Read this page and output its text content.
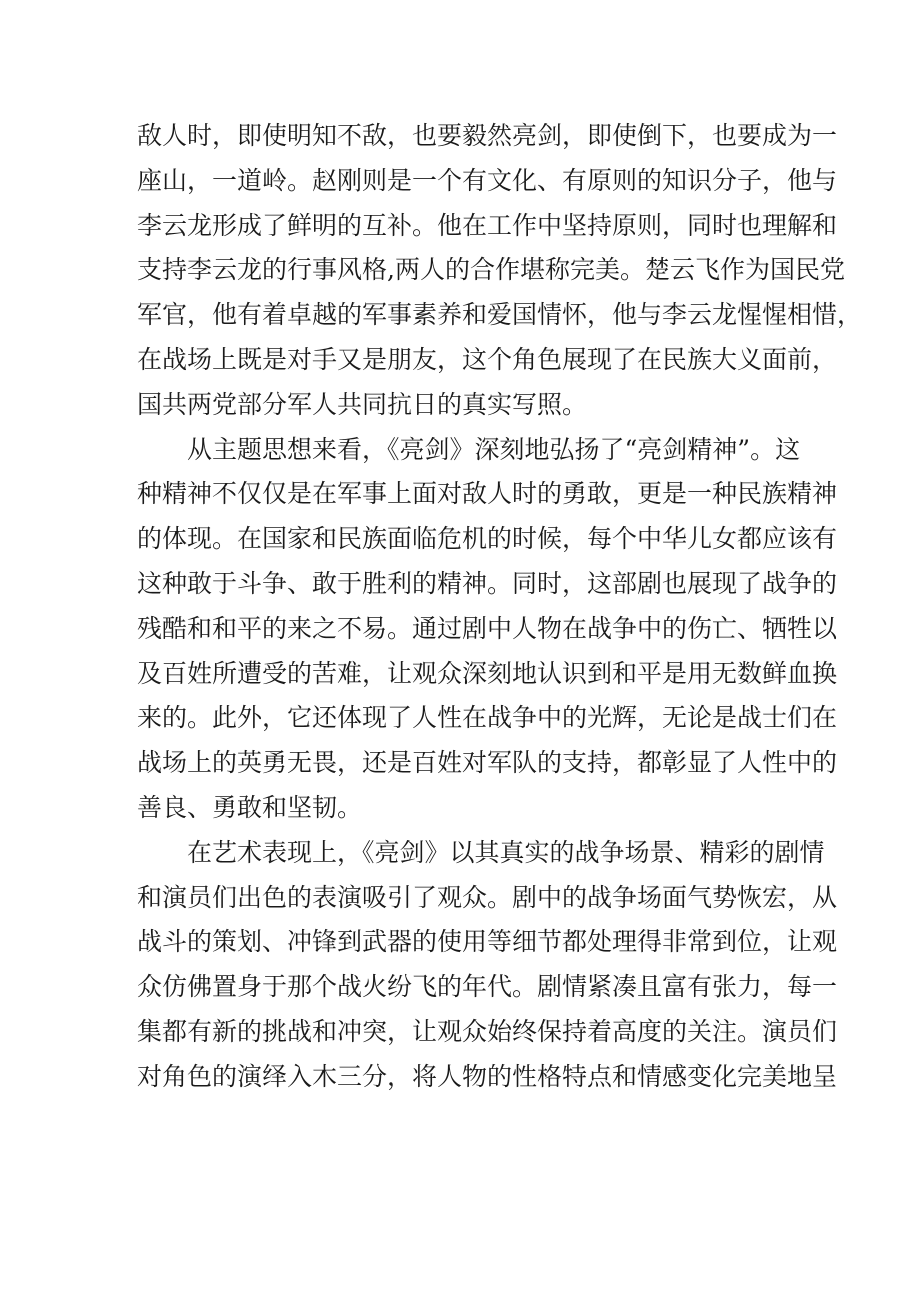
敌人时，即使明知不敌，也要毅然亮剑，即使倒下，也要成为一
座山，一道岭。赵刚则是一个有文化、有原则的知识分子，他与
李云龙形成了鲜明的互补。他在工作中坚持原则，同时也理解和
支持李云龙的行事风格,两人的合作堪称完美。楚云飞作为国民党
军官，他有着卓越的军事素养和爱国情怀，他与李云龙惺惺相惜，
在战场上既是对手又是朋友，这个角色展现了在民族大义面前，
国共两党部分军人共同抗日的真实写照。
从主题思想来看，《亮剑》深刻地弘扬了“亮剑精神”。这
种精神不仅仅是在军事上面对敌人时的勇敢，更是一种民族精神
的体现。在国家和民族面临危机的时候，每个中华儿女都应该有
这种敢于斗争、敢于胜利的精神。同时，这部剧也展现了战争的
残酷和和平的来之不易。通过剧中人物在战争中的伤亡、牺牲以
及百姓所遭受的苦难，让观众深刻地认识到和平是用无数鲜血换
来的。此外，它还体现了人性在战争中的光辉，无论是战士们在
战场上的英勇无畏，还是百姓对军队的支持，都彰显了人性中的
善良、勇敢和坚韧。
在艺术表现上，《亮剑》以其真实的战争场景、精彩的剧情
和演员们出色的表演吸引了观众。剧中的战争场面气势恢宏，从
战斗的策划、冲锋到武器的使用等细节都处理得非常到位，让观
众仿佛置身于那个战火纷飞的年代。剧情紧凑且富有张力，每一
集都有新的挑战和冲突，让观众始终保持着高度的关注。演员们
对角色的演绎入木三分，将人物的性格特点和情感变化完美地呈
